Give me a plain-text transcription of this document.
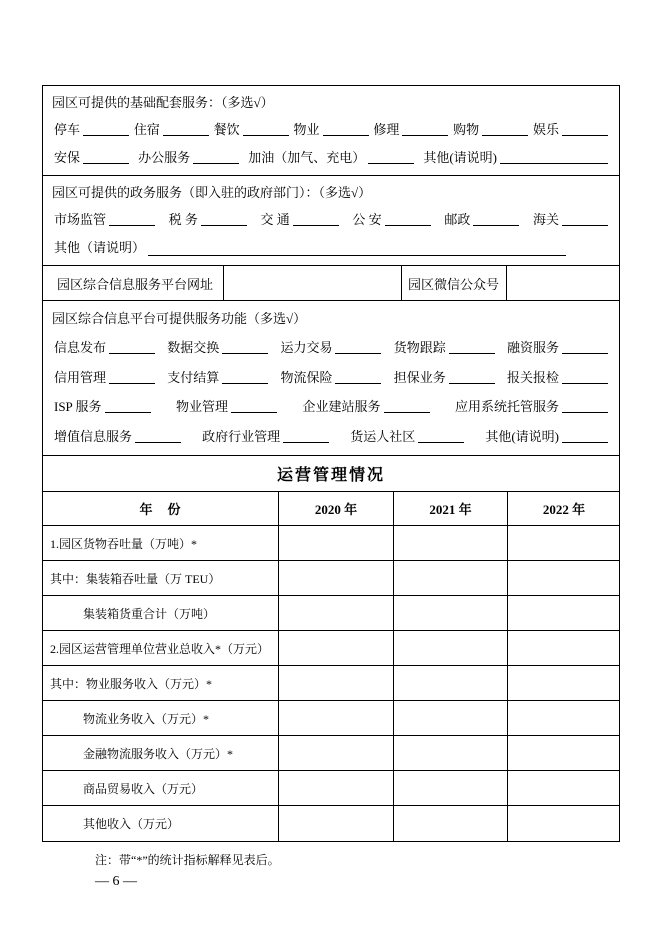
园区可提供的基础配套服务：（多选√）
停车	住宿	餐饮	物业	修理	购物	娱乐
安保	办公服务	加油（加气、充电）	其他(请说明)
园区可提供的政务服务（即入驻的政府部门）：（多选√）
市场监管	税 务	交 通	公 安	邮政	海关
其他（请说明）
园区综合信息服务平台网址	园区微信公众号
园区综合信息平台可提供服务功能（多选√）
信息发布	数据交换	运力交易	货物跟踪	融资服务
信用管理	支付结算	物流保险	担保业务	报关报检
ISP 服务	物业管理	企业建站服务	应用系统托管服务
增值信息服务	政府行业管理	货运人社区	其他(请说明)
运营管理情况
年　份	2020 年	2021 年	2022 年
1.园区货物吞吐量（万吨）*
其中：集装箱吞吐量（万 TEU）
集装箱货重合计（万吨）
2.园区运营管理单位营业总收入*（万元）
其中：物业服务收入（万元）*
物流业务收入（万元）*
金融物流服务收入（万元）*
商品贸易收入（万元）
其他收入（万元）
注：带“*”的统计指标解释见表后。
— 6 —
